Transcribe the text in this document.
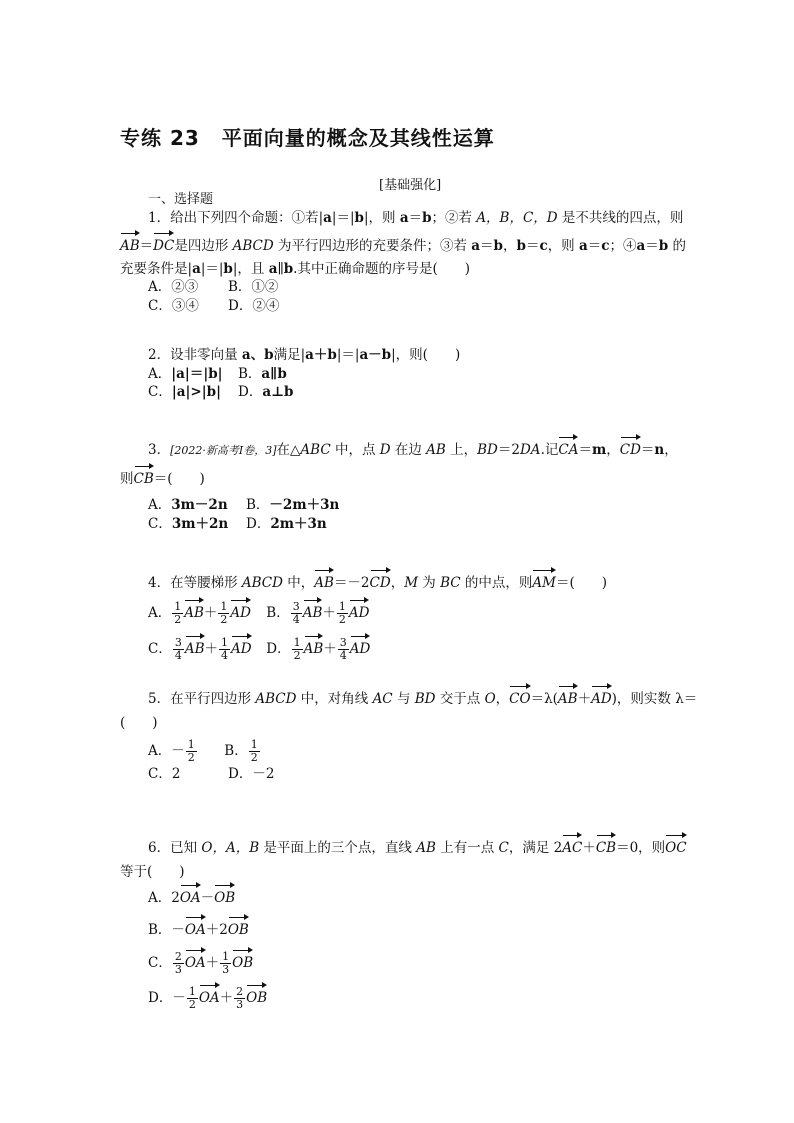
专练 23 平面向量的概念及其线性运算
[基础强化]
一、选择题
1．给出下列四个命题：①若|a|＝|b|，则 a＝b；②若 A，B，C，D 是不共线的四点，则
AB＝DC是四边形 ABCD 为平行四边形的充要条件；③若 a＝b，b＝c，则 a＝c；④a＝b 的
充要条件是|a|＝|b|，且 a∥b.其中正确命题的序号是(　　)
A．②③ B．①②
C．③④ D．②④
2．设非零向量 a、b满足|a＋b|＝|a－b|，则(　　)
A．|a|＝|b| B．a∥b
C．|a|>|b| D．a⊥b
3．[2022·新高考Ⅰ卷，3]在△ABC 中，点 D 在边 AB 上，BD＝2DA.记CA＝m，CD＝n，
则CB＝(　　)
A．3m－2n B．－2m＋3n
C．3m＋2n D．2m＋3n
4．在等腰梯形 ABCD 中，AB＝－2CD，M 为 BC 的中点，则AM＝(　　)
A． $\frac{1}{2} AB+ \frac{1}{2}$ AD B． $\frac{3}{4} AB+ \frac{1}{2}$ AD
C． $\frac{3}{4} AB+ \frac{1}{4}$ AD D． $\frac{1}{2} AB+ \frac{3}{4}$ AD
5．在平行四边形 ABCD 中，对角线 AC 与 BD 交于点 O，CO＝λ(AB＋AD)，则实数 λ＝
(　　)
A．－ $\frac{1}{2}$ B． $\frac{1}{2}$
C．2	D．－2
6．已知 O，A，B 是平面上的三个点，直线 AB 上有一点 C，满足 2AC＋CB＝0，则OC
等于(　　)
A．2OA－OB
B．－OA＋2OB
C． $\frac{2}{3} OA+ \frac{1}{3}$ OB
D．－ $\frac{1}{2} OA+ \frac{2}{3}$ OB
